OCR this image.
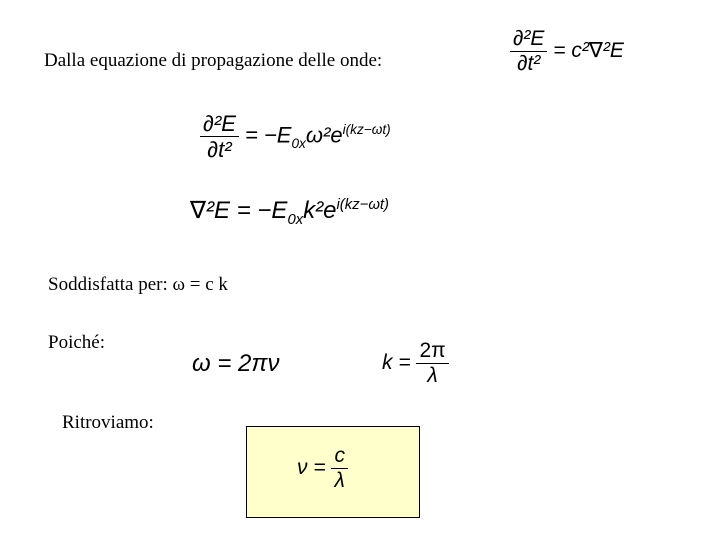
Dalla equazione di propagazione delle onde:	$\frac{\text{∂²E}}{\text{∂t²}} = c^2\nabla^2E$
$\frac{\text{∂²E}}{\text{∂t²}} = -E_{0x}\omega^2e^{i(kz-\omega t)}$
$\nabla^2E = -E_{0x}k^2e^{i(kz-\omega t)}$
Soddisfatta per: ω = c k
Poiché:
ω = 2πν	$k = \frac{2\pi}{\lambda}$
Ritroviamo:
$\nu = \frac{c}{\lambda}$
